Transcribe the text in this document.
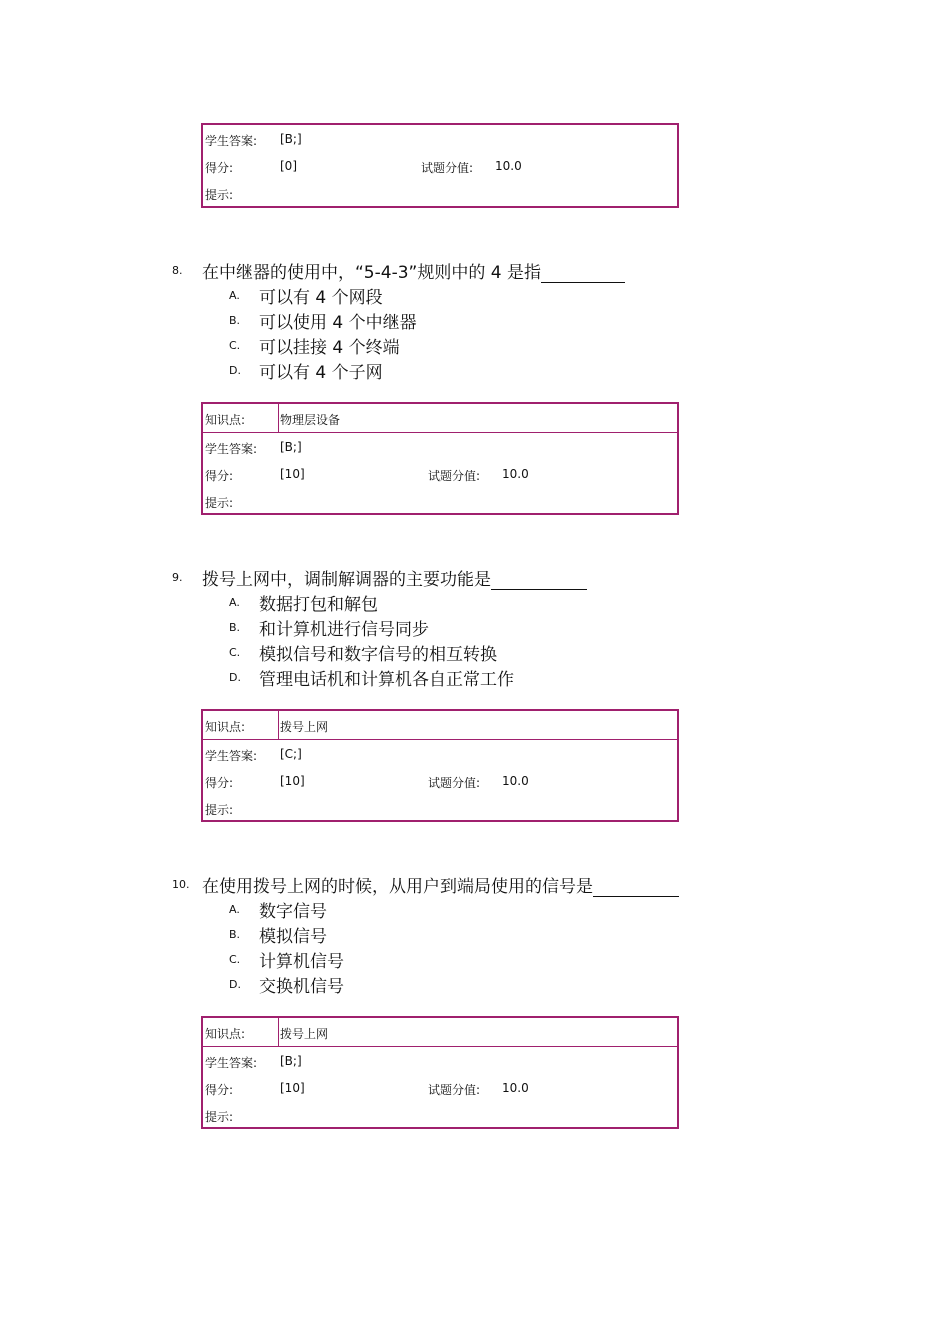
学生答案: [B;]
得分:	[0]	试题分值: 10.0
提示:
8. 在中继器的使用中，“5-4-3”规则中的 4 是指
A. 可以有 4 个网段
B. 可以使用 4 个中继器
C. 可以挂接 4 个终端
D. 可以有 4 个子网
知识点:	物理层设备
学生答案: [B;]
得分:	[10]	试题分值: 10.0
提示:
9. 拨号上网中，调制解调器的主要功能是
A. 数据打包和解包
B. 和计算机进行信号同步
C. 模拟信号和数字信号的相互转换
D. 管理电话机和计算机各自正常工作
知识点:	拨号上网
学生答案: [C;]
得分:	[10]	试题分值: 10.0
提示:
10. 在使用拨号上网的时候，从用户到端局使用的信号是
A. 数字信号
B. 模拟信号
C. 计算机信号
D. 交换机信号
知识点:	拨号上网
学生答案: [B;]
得分:	[10]	试题分值: 10.0
提示:
